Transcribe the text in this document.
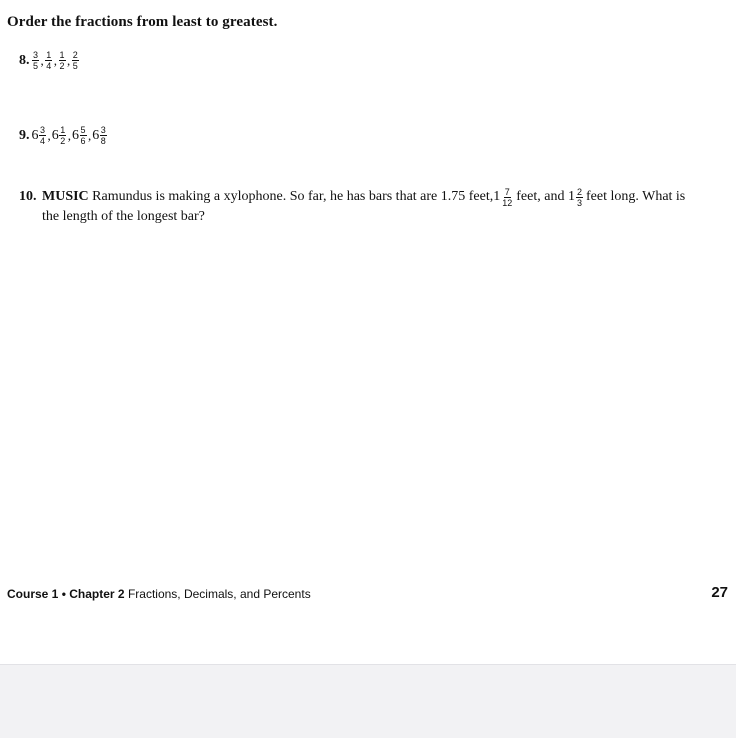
Order the fractions from least to greatest.
8. $\frac{3}{5}$ , $\frac{1}{4}$ , $\frac{1}{2}$ , $\frac{2}{5}$
9. $6 \frac{3}{4}$ , $6 \frac{1}{2}$ , $6 \frac{5}{6}$ , $6 \frac{3}{8}$
10.
MUSIC
Ramundus is making a xylophone. So far, he has bars that are 1.75 feet, $1 \frac{7}{12}$ feet, and
$1 \frac{2}{3}$ feet long. What is
the length of the longest bar?
Course 1 • Chapter 2 Fractions, Decimals, and Percents	27
